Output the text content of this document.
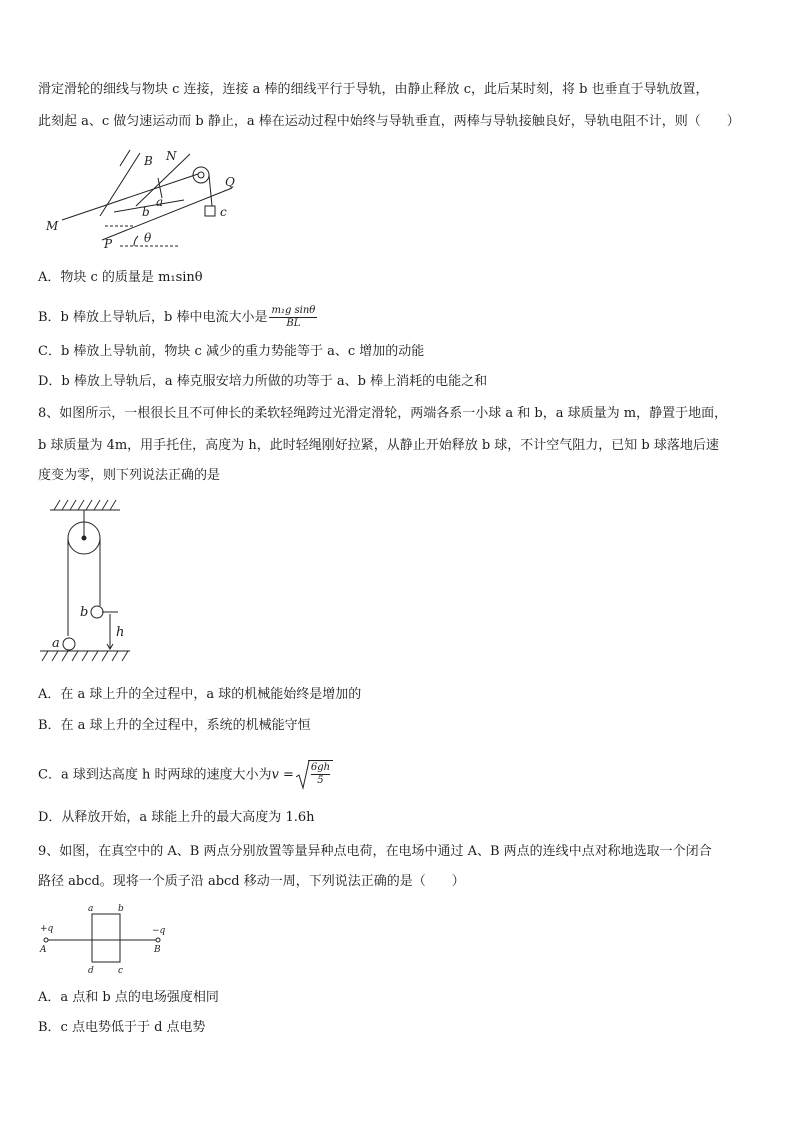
滑定滑轮的细线与物块 c 连接，连接 a 棒的细线平行于导轨，由静止释放 c，此后某时刻，将 b 也垂直于导轨放置，
此刻起 a、c 做匀速运动而 b 静止，a 棒在运动过程中始终与导轨垂直，两棒与导轨接触良好，导轨电阻不计，则（　　）
B N
Q
a
b	c
M
P	θ
A．物块 c 的质量是 m₁sinθ
B．b 棒放上导轨后，b 棒中电流大小是 $\frac{\text{m₁g sinθ}}{BL}$
C．b 棒放上导轨前，物块 c 减少的重力势能等于 a、c 增加的动能
D．b 棒放上导轨后，a 棒克服安培力所做的功等于 a、b 棒上消耗的电能之和
8、如图所示，一根很长且不可伸长的柔软轻绳跨过光滑定滑轮，两端各系一小球 a 和 b，a 球质量为 m，静置于地面，
b 球质量为 4m，用手托住，高度为 h，此时轻绳刚好拉紧，从静止开始释放 b 球，不计空气阻力，已知 b 球落地后速
度变为零，则下列说法正确的是
b
a
h
A．在 a 球上升的全过程中，a 球的机械能始终是增加的
B．在 a 球上升的全过程中，系统的机械能守恒
C．a 球到达高度 h 时两球的速度大小为$v = \frac{6gh}{5}$
D．从释放开始，a 球能上升的最大高度为 1.6h
9、如图，在真空中的 A、B 两点分别放置等量异种点电荷，在电场中通过 A、B 两点的连线中点对称地选取一个闭合
路径 abcd。现将一个质子沿 abcd 移动一周，下列说法正确的是（　　）
+q
A
−q
B
a	b
c
d
A．a 点和 b 点的电场强度相同
B．c 点电势低于于 d 点电势
